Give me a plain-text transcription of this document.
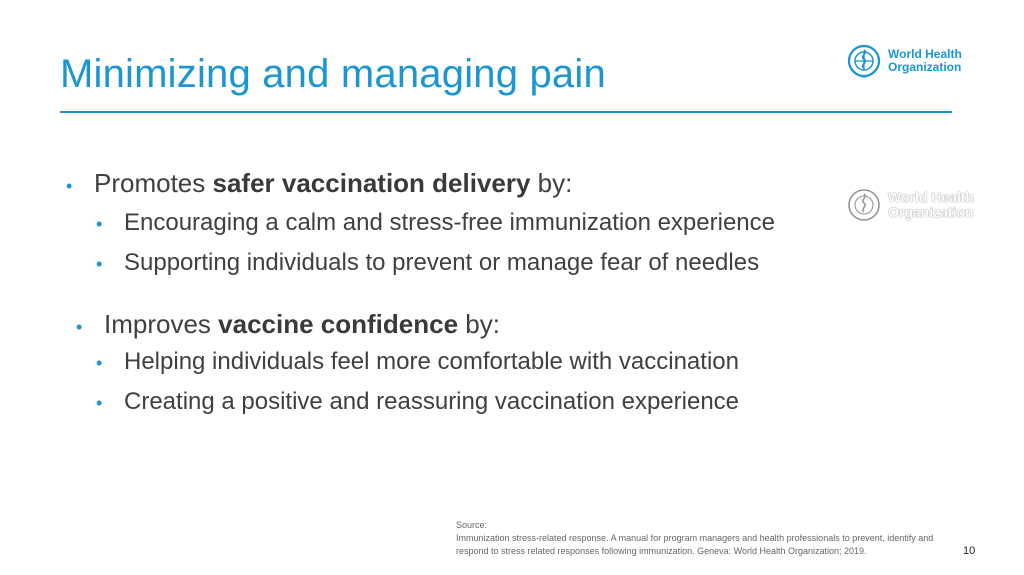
Minimizing and managing pain	World Health
Organization
World Health
Organization
• Promotes safer vaccination delivery by:
• Encouraging a calm and stress-free immunization experience
• Supporting individuals to prevent or manage fear of needles
• Improves vaccine confidence by:
• Helping individuals feel more comfortable with vaccination
• Creating a positive and reassuring vaccination experience
Source:
Immunization stress-related response. A manual for program managers and health professionals to prevent, identify and respond to stress related responses following immunization. Geneva: World Health Organization; 2019.	10
